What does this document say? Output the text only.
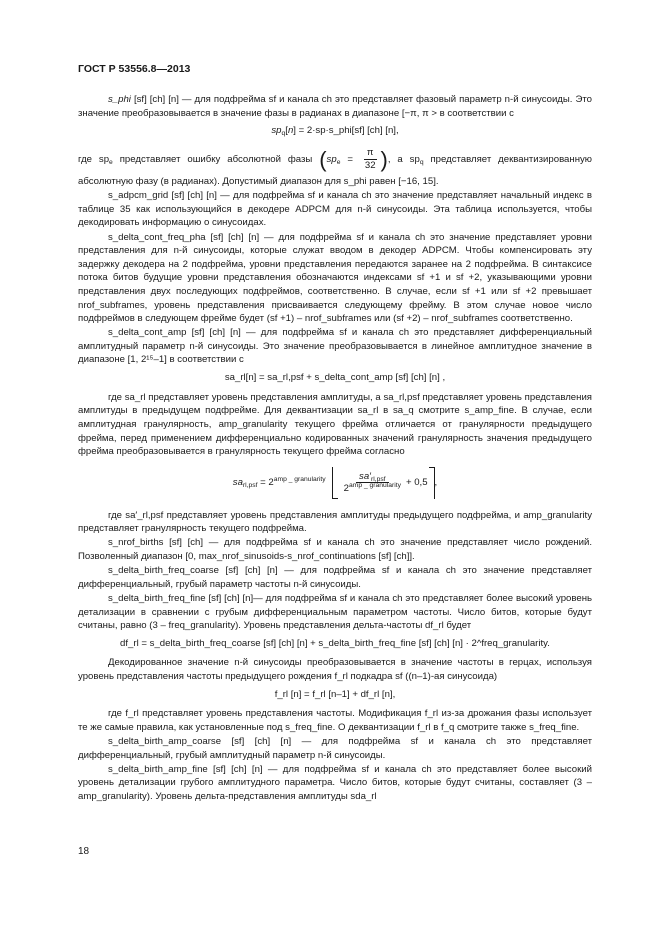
ГОСТ Р 53556.8—2013

s_phi [sf] [ch] [n] — для подфрейма sf и канала ch это представляет фазовый параметр n-й синусоиды. Это значение преобразовывается в значение фазы в радианах в диапазоне [−π, π > в соответствии с

$sp_q[n]$ = 2·sp·s_phi[sf] [ch] [n],

где $sp_e$ представляет ошибку абсолютной фазы ($sp_e = \frac{\pi}{32}$ ), а $sp_q$ представляет деквантизированную абсолютную фазу (в радианах). Допустимый диапазон для s_phi равен [−16, 15].

s_adpcm_grid [sf] [ch] [n] — для подфрейма sf и канала ch это значение представляет начальный индекс в таблице 35 как использующийся в декодере ADPCM для n-й синусоиды. Эта таблица используется, чтобы декодировать информацию о синусоидах.

s_delta_cont_freq_pha [sf] [ch] [n] — для подфрейма sf и канала ch это значение представляет уровни представления для n-й синусоиды, которые служат вводом в декодер ADPCM. Чтобы компенсировать эту задержку декодера на 2 подфрейма, уровни представления передаются заранее на 2 подфрейма. В синтаксисе потока битов будущие уровни представления обозначаются индексами sf +1 и sf +2, указывающими уровни представления двух последующих подфреймов, соответственно. В случае, если sf +1 или sf +2 превышает nrof_subframes, уровень представления присваивается следующему фрейму. В этом случае новое число подфреймов в следующем фрейме будет (sf +1) – nrof_subframes или (sf +2) – nrof_subframes соответственно.

s_delta_cont_amp [sf] [ch] [n] — для подфрейма sf и канала ch это представляет дифференциальный амплитудный параметр n-й синусоиды. Это значение преобразовывается в линейное амплитудное значение в диапазоне [1, 2¹⁵–1] в соответствии с

sa_rl[n] = sa_rl,psf + s_delta_cont_amp [sf] [ch] [n] ,

где sa_rl представляет уровень представления амплитуды, а sa_rl,psf представляет уровень представления амплитуды в предыдущем подфрейме. Для деквантизации sa_rl в sa_q смотрите s_amp_fine. В случае, если амплитудная гранулярность, amp_granularity текущего фрейма отличается от гранулярности предыдущего фрейма, перед применением дифференциально кодированных значений гранулярность значения предыдущего фрейма преобразовывается в гранулярность текущего фрейма согласно

$sa_{rl,psf} = 2^{amp \_ granularity} \frac{sa'_{rl,psf}}{2^{amp \_ granularity}} + 0,5$ ,

где sa′_rl,psf представляет уровень представления амплитуды предыдущего подфрейма, и amp_granularity представляет гранулярность текущего подфрейма.

s_nrof_births [sf] [ch] — для подфрейма sf и канала ch это значение представляет число рождений. Позволенный диапазон [0, max_nrof_sinusoids-s_nrof_continuations [sf] [ch]].

s_delta_birth_freq_coarse [sf] [ch] [n] — для подфрейма sf и канала ch это значение представляет дифференциальный, грубый параметр частоты n-й синусоиды.

s_delta_birth_freq_fine [sf] [ch] [n]— для подфрейма sf и канала ch это представляет более высокий уровень детализации в сравнении с грубым дифференциальным параметром частоты. Число битов, которые будут считаны, равно (3 – freq_granularity). Уровень представления дельта-частоты df_rl будет

df_rl = s_delta_birth_freq_coarse [sf] [ch] [n] + s_delta_birth_freq_fine [sf] [ch] [n] · 2^freq_granularity.

Декодированное значение n-й синусоиды преобразовывается в значение частоты в герцах, используя уровень представления частоты предыдущего рождения f_rl подкадра sf ((n–1)-ая синусоида)

f_rl [n] = f_rl [n–1] + df_rl [n],

где f_rl представляет уровень представления частоты. Модификация f_rl из-за дрожания фазы использует те же самые правила, как установленные под s_freq_fine. О деквантизации f_rl в f_q смотрите также s_freq_fine.

s_delta_birth_amp_coarse [sf] [ch] [n] — для подфрейма sf и канала ch это представляет дифференциальный, грубый амплитудный параметр n-й синусоиды.

s_delta_birth_amp_fine [sf] [ch] [n] — для подфрейма sf и канала ch это представляет более высокий уровень детализации грубого амплитудного параметра. Число битов, которые будут считаны, составляет (3 – amp_granularity). Уровень дельта-представления амплитуды sda_rl

18
